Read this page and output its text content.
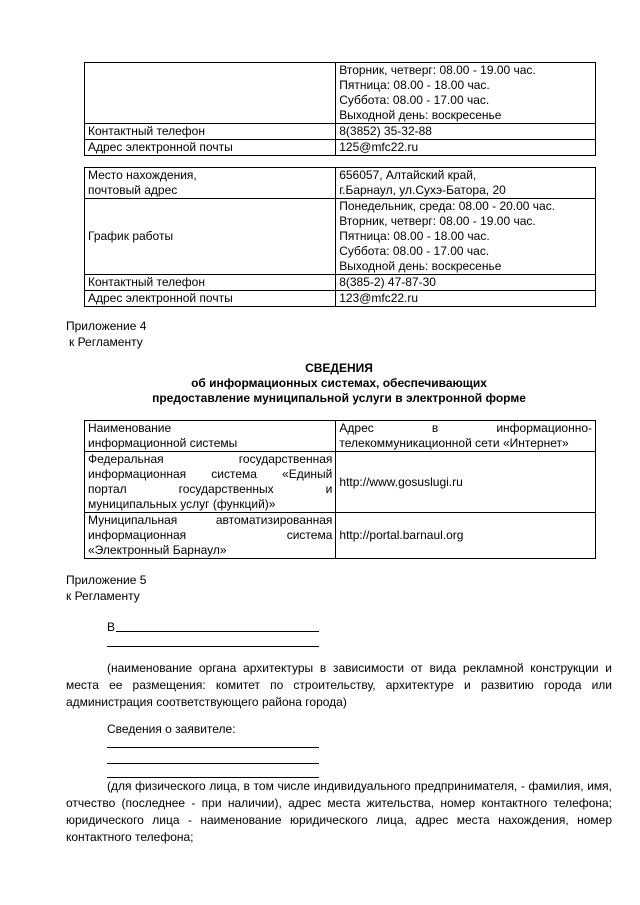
	Вторник, четверг: 08.00 - 19.00 час.
Пятница: 08.00 - 18.00 час.
Суббота: 08.00 - 17.00 час.
Выходной день: воскресенье

Контактный телефон	8(3852) 35-32-88
Адрес электронной почты	125@mfc22.ru
Место нахождения,
почтовый адрес	656057, Алтайский край,
г.Барнаул, ул.Сухэ-Батора, 20

График работы	Понедельник, среда: 08.00 - 20.00 час.
Вторник, четверг: 08.00 - 19.00 час.
Пятница: 08.00 - 18.00 час.
Суббота: 08.00 - 17.00 час.
Выходной день: воскресенье

Контактный телефон	8(385-2) 47-87-30
Адрес электронной почты	123@mfc22.ru
Приложение 4
к Регламенту
СВЕДЕНИЯ
об информационных системах, обеспечивающих
предоставление муниципальной услуги в электронной форме
Наименование
информационной системы	Адрес в информационно-
телекоммуникационной сети «Интернет»

Федеральная государственная
информационная система «Единый
портал государственных и
муниципальных услуг (функций)»	http://www.gosuslugi.ru

Муниципальная автоматизированная
информационная система
«Электронный Барнаул»	http://portal.barnaul.org
Приложение 5
к Регламенту
В
(наименование органа архитектуры в зависимости от вида рекламной конструкции и места ее размещения: комитет по строительству, архитектуре и развитию города или администрация соответствующего района города)
Сведения о заявителе:
(для физического лица, в том числе индивидуального предпринимателя, - фамилия, имя, отчество (последнее - при наличии), адрес места жительства, номер контактного телефона; юридического лица - наименование юридического лица, адрес места нахождения, номер контактного телефона;
